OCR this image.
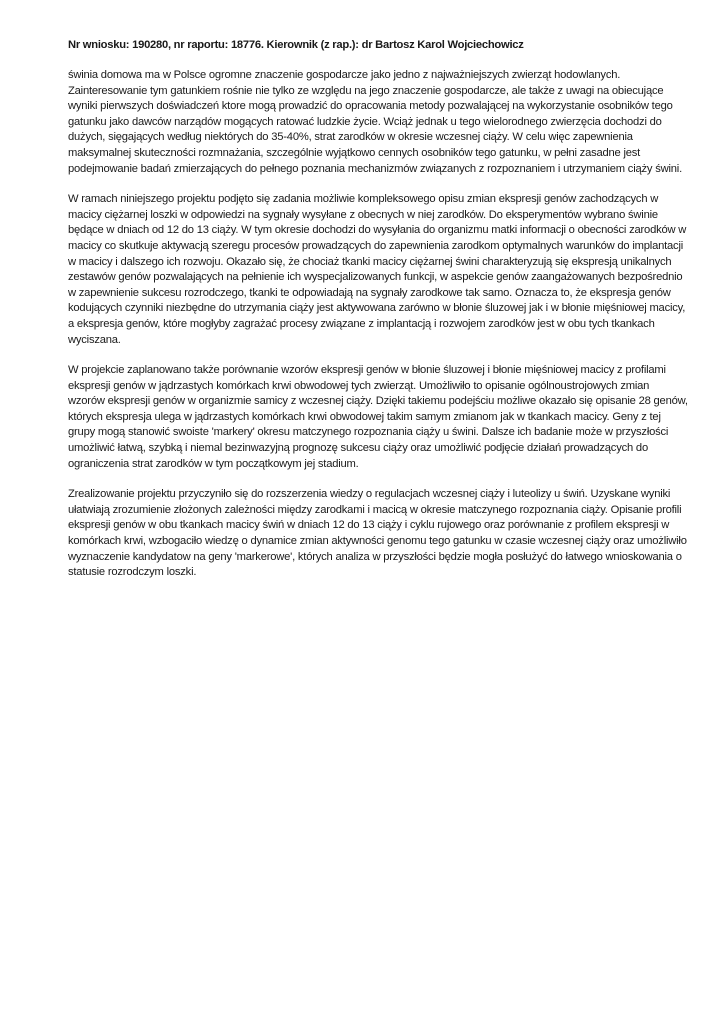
Nr wniosku: 190280, nr raportu: 18776. Kierownik (z rap.): dr Bartosz Karol Wojciechowicz

świnia domowa ma w Polsce ogromne znaczenie gospodarcze jako jedno z najważniejszych zwierząt hodowlanych. Zainteresowanie tym gatunkiem rośnie nie tylko ze względu na jego znaczenie gospodarcze, ale także z uwagi na obiecujące wyniki pierwszych doświadczeń ktore mogą prowadzić do opracowania metody pozwalającej na wykorzystanie osobników tego gatunku jako dawców narządów mogących ratować ludzkie życie. Wciąż jednak u tego wielorodnego zwierzęcia dochodzi do dużych, sięgających według niektórych do 35-40%, strat zarodków w okresie wczesnej ciąży. W celu więc zapewnienia maksymalnej skuteczności rozmnażania, szczególnie wyjątkowo cennych osobników tego gatunku, w pełni zasadne jest podejmowanie badań zmierzających do pełnego poznania mechanizmów związanych z rozpoznaniem i utrzymaniem ciąży świni.

W ramach niniejszego projektu podjęto się zadania możliwie kompleksowego opisu zmian ekspresji genów zachodzących w macicy ciężarnej loszki w odpowiedzi na sygnały wysyłane z obecnych w niej zarodków. Do eksperymentów wybrano świnie będące w dniach od 12 do 13 ciąży. W tym okresie dochodzi do wysyłania do organizmu matki informacji o obecności zarodków w macicy co skutkuje aktywacją szeregu procesów prowadzących do zapewnienia zarodkom optymalnych warunków do implantacji w macicy i dalszego ich rozwoju. Okazało się, że chociaż tkanki macicy ciężarnej świni charakteryzują się ekspresją unikalnych zestawów genów pozwalających na pełnienie ich wyspecjalizowanych funkcji, w aspekcie genów zaangażowanych bezpośrednio w zapewnienie sukcesu rozrodczego, tkanki te odpowiadają na sygnały zarodkowe tak samo. Oznacza to, że ekspresja genów kodujących czynniki niezbędne do utrzymania ciąży jest aktywowana zarówno w błonie śluzowej jak i w błonie mięśniowej macicy, a ekspresja genów, które mogłyby zagrażać procesy związane z implantacją i rozwojem zarodków jest w obu tych tkankach wyciszana.

W projekcie zaplanowano także porównanie wzorów ekspresji genów w błonie śluzowej i błonie mięśniowej macicy z profilami ekspresji genów w jądrzastych komórkach krwi obwodowej tych zwierząt. Umożliwiło to opisanie ogólnoustrojowych zmian wzorów ekspresji genów w organizmie samicy z wczesnej ciąży. Dzięki takiemu podejściu możliwe okazało się opisanie 28 genów, których ekspresja ulega w jądrzastych komórkach krwi obwodowej takim samym zmianom jak w tkankach macicy. Geny z tej grupy mogą stanowić swoiste 'markery' okresu matczynego rozpoznania ciąży u świni. Dalsze ich badanie może w przyszłości umożliwić łatwą, szybką i niemal bezinwazyjną prognozę sukcesu ciąży oraz umożliwić podjęcie działań prowadzących do ograniczenia strat zarodków w tym początkowym jej stadium.

Zrealizowanie projektu przyczyniło się do rozszerzenia wiedzy o regulacjach wczesnej ciąży i luteolizy u świń. Uzyskane wyniki ułatwiają zrozumienie złożonych zależności między zarodkami i macicą w okresie matczynego rozpoznania ciąży. Opisanie profili ekspresji genów w obu tkankach macicy świń w dniach 12 do 13 ciąży i cyklu rujowego oraz porównanie z profilem ekspresji w komórkach krwi, wzbogaciło wiedzę o dynamice zmian aktywności genomu tego gatunku w czasie wczesnej ciąży oraz umożliwiło wyznaczenie kandydatow na geny 'markerowe', których analiza w przyszłości będzie mogła posłużyć do łatwego wnioskowania o statusie rozrodczym loszki.
